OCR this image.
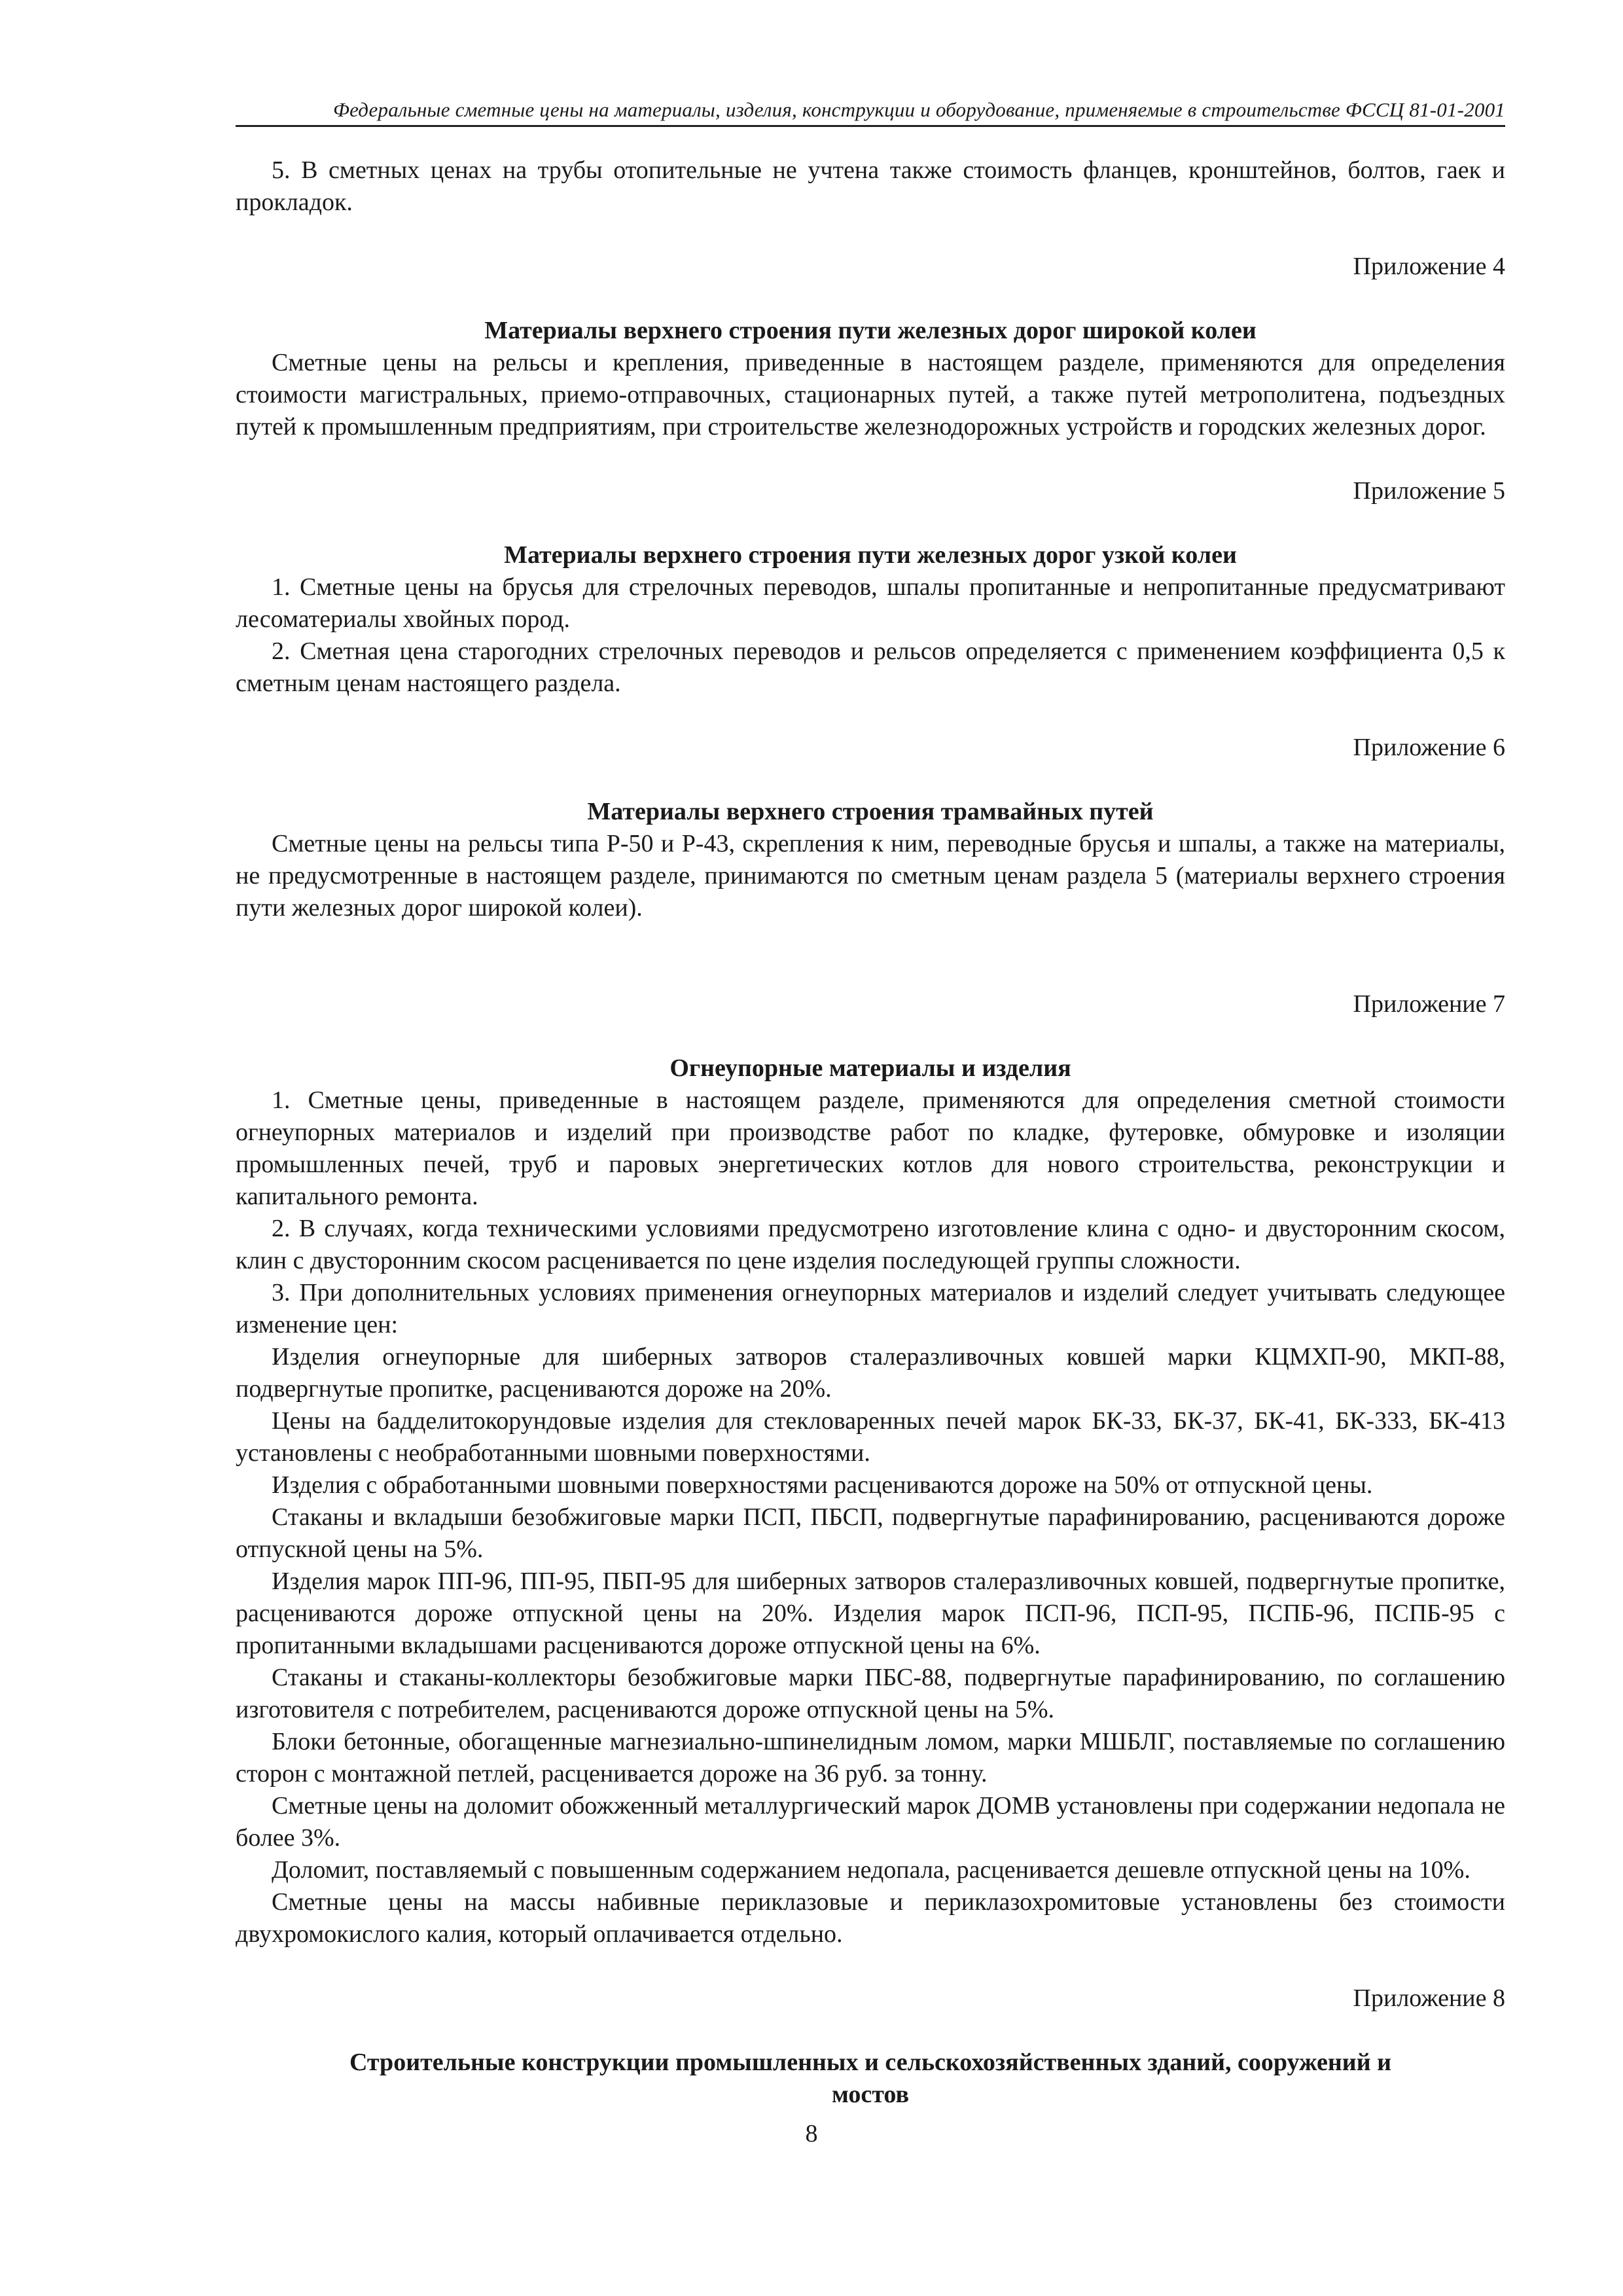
Федеральные сметные цены на материалы, изделия, конструкции и оборудование, применяемые в строительстве ФССЦ 81-01-2001

5. В сметных ценах на трубы отопительные не учтена также стоимость фланцев, кронштейнов, болтов, гаек и прокладок.

Приложение 4

Материалы верхнего строения пути железных дорог широкой колеи

Сметные цены на рельсы и крепления, приведенные в настоящем разделе, применяются для определения стоимости магистральных, приемо-отправочных, стационарных путей, а также путей метрополитена, подъездных путей к промышленным предприятиям, при строительстве железнодорожных устройств и городских железных дорог.

Приложение 5

Материалы верхнего строения пути железных дорог узкой колеи

1. Сметные цены на брусья для стрелочных переводов, шпалы пропитанные и непропитанные предусматривают лесоматериалы хвойных пород.

2. Сметная цена старогодних стрелочных переводов и рельсов определяется с применением коэффициента 0,5 к сметным ценам настоящего раздела.

Приложение 6

Материалы верхнего строения трамвайных путей

Сметные цены на рельсы типа Р-50 и Р-43, скрепления к ним, переводные брусья и шпалы, а также на материалы, не предусмотренные в настоящем разделе, принимаются по сметным ценам раздела 5 (материалы верхнего строения пути железных дорог широкой колеи).

Приложение 7

Огнеупорные материалы и изделия

1. Сметные цены, приведенные в настоящем разделе, применяются для определения сметной стоимости огнеупорных материалов и изделий при производстве работ по кладке, футеровке, обмуровке и изоляции промышленных печей, труб и паровых энергетических котлов для нового строительства, реконструкции и капитального ремонта.

2. В случаях, когда техническими условиями предусмотрено изготовление клина с одно- и двусторонним скосом, клин с двусторонним скосом расценивается по цене изделия последующей группы сложности.

3. При дополнительных условиях применения огнеупорных материалов и изделий следует учитывать следующее изменение цен:

Изделия огнеупорные для шиберных затворов сталеразливочных ковшей марки КЦМХП-90, МКП-88, подвергнутые пропитке, расцениваются дороже на 20%.

Цены на бадделитокорундовые изделия для стекловаренных печей марок БК-33, БК-37, БК-41, БК-333, БК-413 установлены с необработанными шовными поверхностями.

Изделия с обработанными шовными поверхностями расцениваются дороже на 50% от отпускной цены.

Стаканы и вкладыши безобжиговые марки ПСП, ПБСП, подвергнутые парафинированию, расцениваются дороже отпускной цены на 5%.

Изделия марок ПП-96, ПП-95, ПБП-95 для шиберных затворов сталеразливочных ковшей, подвергнутые пропитке, расцениваются дороже отпускной цены на 20%. Изделия марок ПСП-96, ПСП-95, ПСПБ-96, ПСПБ-95 с пропитанными вкладышами расцениваются дороже отпускной цены на 6%.

Стаканы и стаканы-коллекторы безобжиговые марки ПБС-88, подвергнутые парафинированию, по соглашению изготовителя с потребителем, расцениваются дороже отпускной цены на 5%.

Блоки бетонные, обогащенные магнезиально-шпинелидным ломом, марки МШБЛГ, поставляемые по соглашению сторон с монтажной петлей, расценивается дороже на 36 руб. за тонну.

Сметные цены на доломит обожженный металлургический марок ДОМВ установлены при содержании недопала не более 3%.

Доломит, поставляемый с повышенным содержанием недопала, расценивается дешевле отпускной цены на 10%.

Сметные цены на массы набивные периклазовые и периклазохромитовые установлены без стоимости двухромокислого калия, который оплачивается отдельно.

Приложение 8

Строительные конструкции промышленных и сельскохозяйственных зданий, сооружений и

мостов

8
